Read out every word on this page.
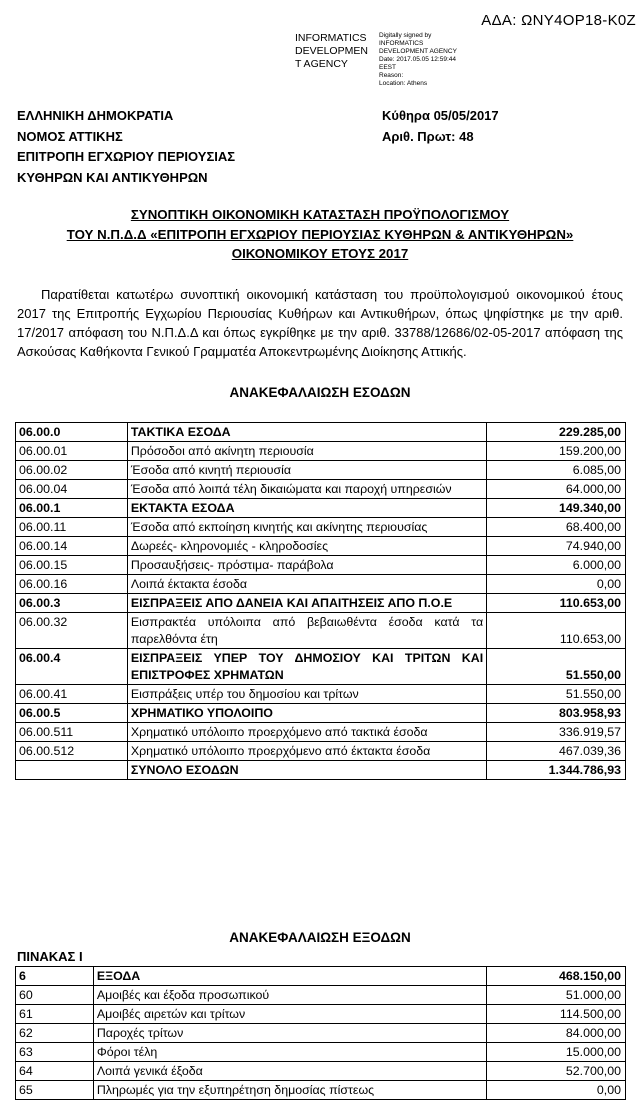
ΑΔΑ: ΩΝΥ4ΟΡ18-Κ0Ζ
INFORMATICS
DEVELOPMEN
T AGENCY
Digitally signed by
INFORMATICS
DEVELOPMENT AGENCY
Date: 2017.05.05 12:59:44
EEST
Reason:
Location: Athens
ΕΛΛΗΝΙΚΗ ΔΗΜΟΚΡΑΤΙΑ
ΝΟΜΟΣ ΑΤΤΙΚΗΣ
ΕΠΙΤΡΟΠΗ ΕΓΧΩΡΙΟΥ ΠΕΡΙΟΥΣΙΑΣ
ΚΥΘΗΡΩΝ ΚΑΙ ΑΝΤΙΚΥΘΗΡΩΝ
Κύθηρα 05/05/2017
Αριθ. Πρωτ: 48
ΣΥΝΟΠΤΙΚΗ ΟΙΚΟΝΟΜΙΚΗ ΚΑΤΑΣΤΑΣΗ ΠΡΟΫΠΟΛΟΓΙΣΜΟΥ
ΤΟΥ Ν.Π.Δ.Δ «ΕΠΙΤΡΟΠΗ ΕΓΧΩΡΙΟΥ ΠΕΡΙΟΥΣΙΑΣ ΚΥΘΗΡΩΝ & ΑΝΤΙΚΥΘΗΡΩΝ»
ΟΙΚΟΝΟΜΙΚΟΥ ΕΤΟΥΣ 2017
Παρατίθεται κατωτέρω συνοπτική οικονομική κατάσταση του προϋπολογισμού οικονομικού έτους 2017 της Επιτροπής Εγχωρίου Περιουσίας Κυθήρων και Αντικυθήρων, όπως ψηφίστηκε με την αριθ. 17/2017 απόφαση του Ν.Π.Δ.Δ και όπως εγκρίθηκε με την αριθ. 33788/12686/02-05-2017 απόφαση της Ασκούσας Καθήκοντα Γενικού Γραμματέα Αποκεντρωμένης Διοίκησης Αττικής.
ΑΝΑΚΕΦΑΛΑΙΩΣΗ ΕΣΟΔΩΝ
06.00.0	ΤΑΚΤΙΚΑ ΕΣΟΔΑ	229.285,00
06.00.01	Πρόσοδοι από ακίνητη περιουσία	159.200,00
06.00.02	Έσοδα από κινητή περιουσία	6.085,00
06.00.04	Έσοδα από λοιπά τέλη δικαιώματα και παροχή υπηρεσιών	64.000,00
06.00.1	ΕΚΤΑΚΤΑ ΕΣΟΔΑ	149.340,00
06.00.11	Έσοδα από εκποίηση κινητής και ακίνητης περιουσίας	68.400,00
06.00.14	Δωρεές- κληρονομιές - κληροδοσίες	74.940,00
06.00.15	Προσαυξήσεις- πρόστιμα- παράβολα	6.000,00
06.00.16	Λοιπά έκτακτα έσοδα	0,00
06.00.3	ΕΙΣΠΡΑΞΕΙΣ ΑΠΟ ΔΑΝΕΙΑ ΚΑΙ ΑΠΑΙΤΗΣΕΙΣ ΑΠΟ Π.Ο.Ε	110.653,00
06.00.32	Εισπρακτέα υπόλοιπα από βεβαιωθέντα έσοδα κατά τα παρελθόντα έτη	110.653,00
06.00.4	ΕΙΣΠΡΑΞΕΙΣ ΥΠΕΡ ΤΟΥ ΔΗΜΟΣΙΟΥ ΚΑΙ ΤΡΙΤΩΝ ΚΑΙ ΕΠΙΣΤΡΟΦΕΣ ΧΡΗΜΑΤΩΝ	51.550,00
06.00.41	Εισπράξεις υπέρ του δημοσίου και τρίτων	51.550,00
06.00.5	ΧΡΗΜΑΤΙΚΟ ΥΠΟΛΟΙΠΟ	803.958,93
06.00.511	Χρηματικό υπόλοιπο προερχόμενο από τακτικά έσοδα	336.919,57
06.00.512	Χρηματικό υπόλοιπο προερχόμενο από έκτακτα έσοδα	467.039,36
	ΣΥΝΟΛΟ ΕΣΟΔΩΝ	1.344.786,93
ΑΝΑΚΕΦΑΛΑΙΩΣΗ ΕΞΟΔΩΝ
ΠΙΝΑΚΑΣ Ι
6	ΕΞΟΔΑ	468.150,00
60	Αμοιβές και έξοδα προσωπικού	51.000,00
61	Αμοιβές αιρετών και τρίτων	114.500,00
62	Παροχές τρίτων	84.000,00
63	Φόροι τέλη	15.000,00
64	Λοιπά γενικά έξοδα	52.700,00
65	Πληρωμές για την εξυπηρέτηση δημοσίας πίστεως	0,00
